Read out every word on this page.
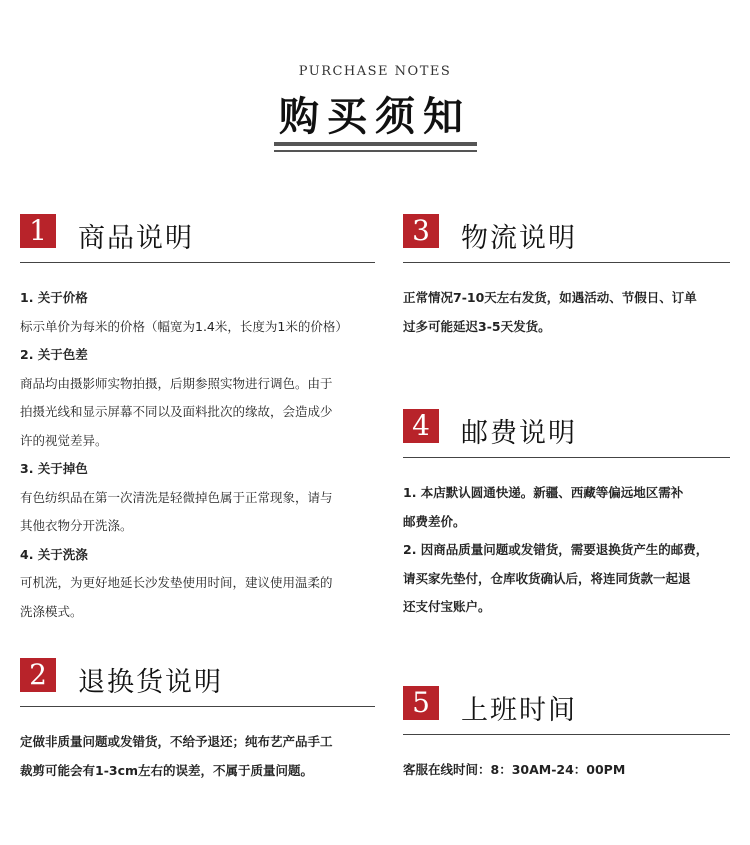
PURCHASE NOTES
购买须知
1	商品说明

1. 关于价格

标示单价为每米的价格（幅宽为1.4米，长度为1米的价格）

2. 关于色差

商品均由摄影师实物拍摄，后期参照实物进行调色。由于

拍摄光线和显示屏幕不同以及面料批次的缘故，会造成少

许的视觉差异。

3. 关于掉色

有色纺织品在第一次清洗是轻微掉色属于正常现象，请与

其他衣物分开洗涤。

4. 关于洗涤

可机洗，为更好地延长沙发垫使用时间，建议使用温柔的

洗涤模式。

2	退换货说明

定做非质量问题或发错货，不给予退还；纯布艺产品手工

裁剪可能会有1-3cm左右的误差，不属于质量问题。

3	物流说明

正常情况7-10天左右发货，如遇活动、节假日、订单

过多可能延迟3-5天发货。

4	邮费说明

1. 本店默认圆通快递。新疆、西藏等偏远地区需补

邮费差价。

2. 因商品质量问题或发错货，需要退换货产生的邮费，

请买家先垫付，仓库收货确认后，将连同货款一起退

还支付宝账户。

5	上班时间

客服在线时间：8：30AM-24：00PM
